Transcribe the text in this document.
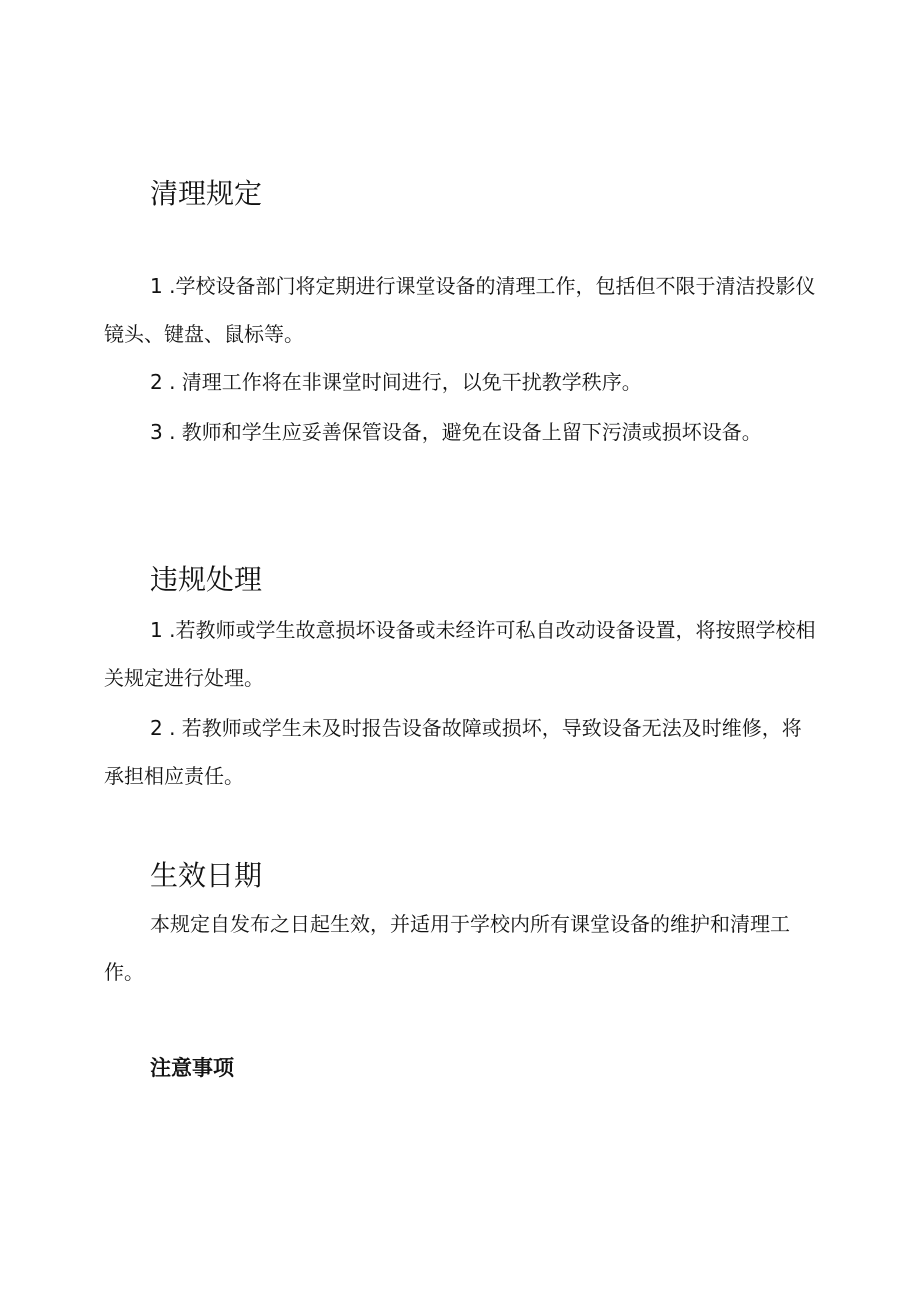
清理规定

1 .学校设备部门将定期进行课堂设备的清理工作，包括但不限于清洁投影仪镜头、键盘、鼠标等。

2 . 清理工作将在非课堂时间进行，以免干扰教学秩序。

3 . 教师和学生应妥善保管设备，避免在设备上留下污渍或损坏设备。

违规处理

1 .若教师或学生故意损坏设备或未经许可私自改动设备设置，将按照学校相关规定进行处理。

2 . 若教师或学生未及时报告设备故障或损坏，导致设备无法及时维修，将承担相应责任。

生效日期

本规定自发布之日起生效，并适用于学校内所有课堂设备的维护和清理工作。

注意事项
